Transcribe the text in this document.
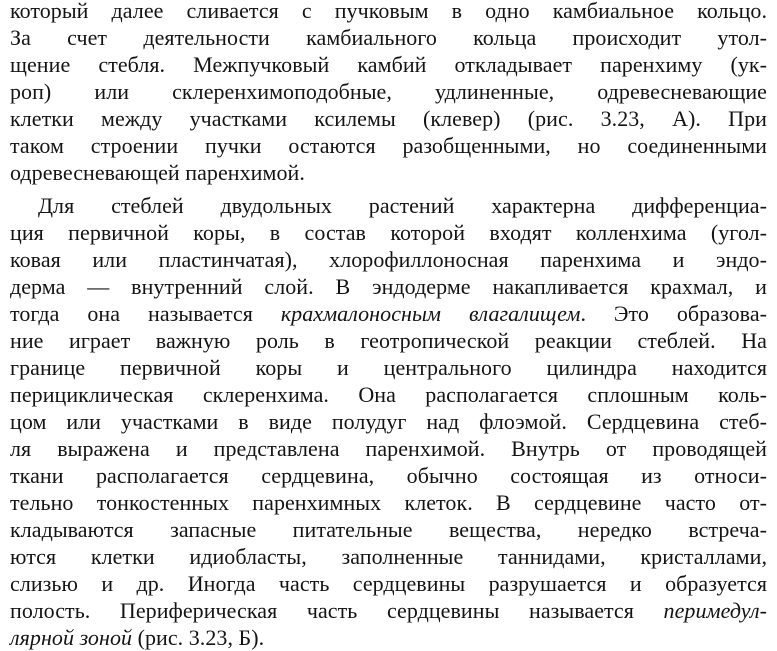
который далее сливается с пучковым в одно камбиальное кольцо.
За счет деятельности камбиального кольца происходит утол-
щение стебля. Межпучковый камбий откладывает паренхиму (ук-
роп) или склеренхимоподобные, удлиненные, одревесневающие
клетки между участками ксилемы (клевер) (рис. 3.23, А). При
таком строении пучки остаются разобщенными, но соединенными
одревесневающей паренхимой.
Для стеблей двудольных растений характерна дифференциа-
ция первичной коры, в состав которой входят колленхима (угол-
ковая или пластинчатая), хлорофиллоносная паренхима и эндо-
дерма — внутренний слой. В эндодерме накапливается крахмал, и
тогда она называется крахмалоносным влагалищем. Это образова-
ние играет важную роль в геотропической реакции стеблей. На
границе первичной коры и центрального цилиндра находится
перициклическая склеренхима. Она располагается сплошным коль-
цом или участками в виде полудуг над флоэмой. Сердцевина стеб-
ля выражена и представлена паренхимой. Внутрь от проводящей
ткани располагается сердцевина, обычно состоящая из относи-
тельно тонкостенных паренхимных клеток. В сердцевине часто от-
кладываются запасные питательные вещества, нередко встреча-
ются клетки идиобласты, заполненные таннидами, кристаллами,
слизью и др. Иногда часть сердцевины разрушается и образуется
полость. Периферическая часть сердцевины называется перимедул-
лярной зоной (рис. 3.23, Б).
